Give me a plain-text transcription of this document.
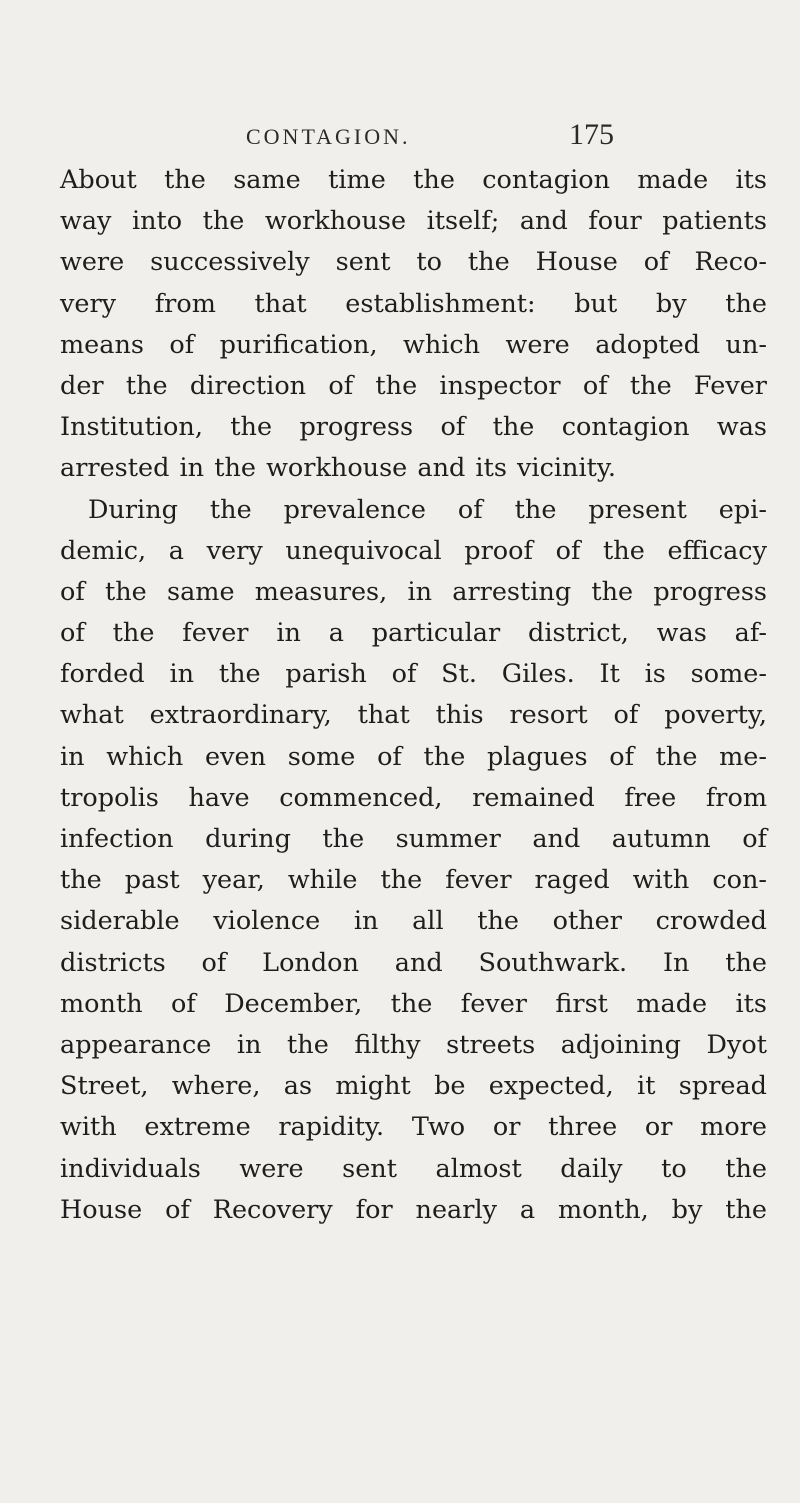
CONTAGION.	175
About the same time the contagion made its
way into the workhouse itself; and four patients
were successively sent to the House of Reco-
very from that establishment: but by the
means of purification, which were adopted un-
der the direction of the inspector of the Fever
Institution, the progress of the contagion was
arrested in the workhouse and its vicinity.
During the prevalence of the present epi-
demic, a very unequivocal proof of the efficacy
of the same measures, in arresting the progress
of the fever in a particular district, was af-
forded in the parish of St. Giles. It is some-
what extraordinary, that this resort of poverty,
in which even some of the plagues of the me-
tropolis have commenced, remained free from
infection during the summer and autumn of
the past year, while the fever raged with con-
siderable violence in all the other crowded
districts of London and Southwark. In the
month of December, the fever first made its
appearance in the filthy streets adjoining Dyot
Street, where, as might be expected, it spread
with extreme rapidity. Two or three or more
individuals were sent almost daily to the
House of Recovery for nearly a month, by the
